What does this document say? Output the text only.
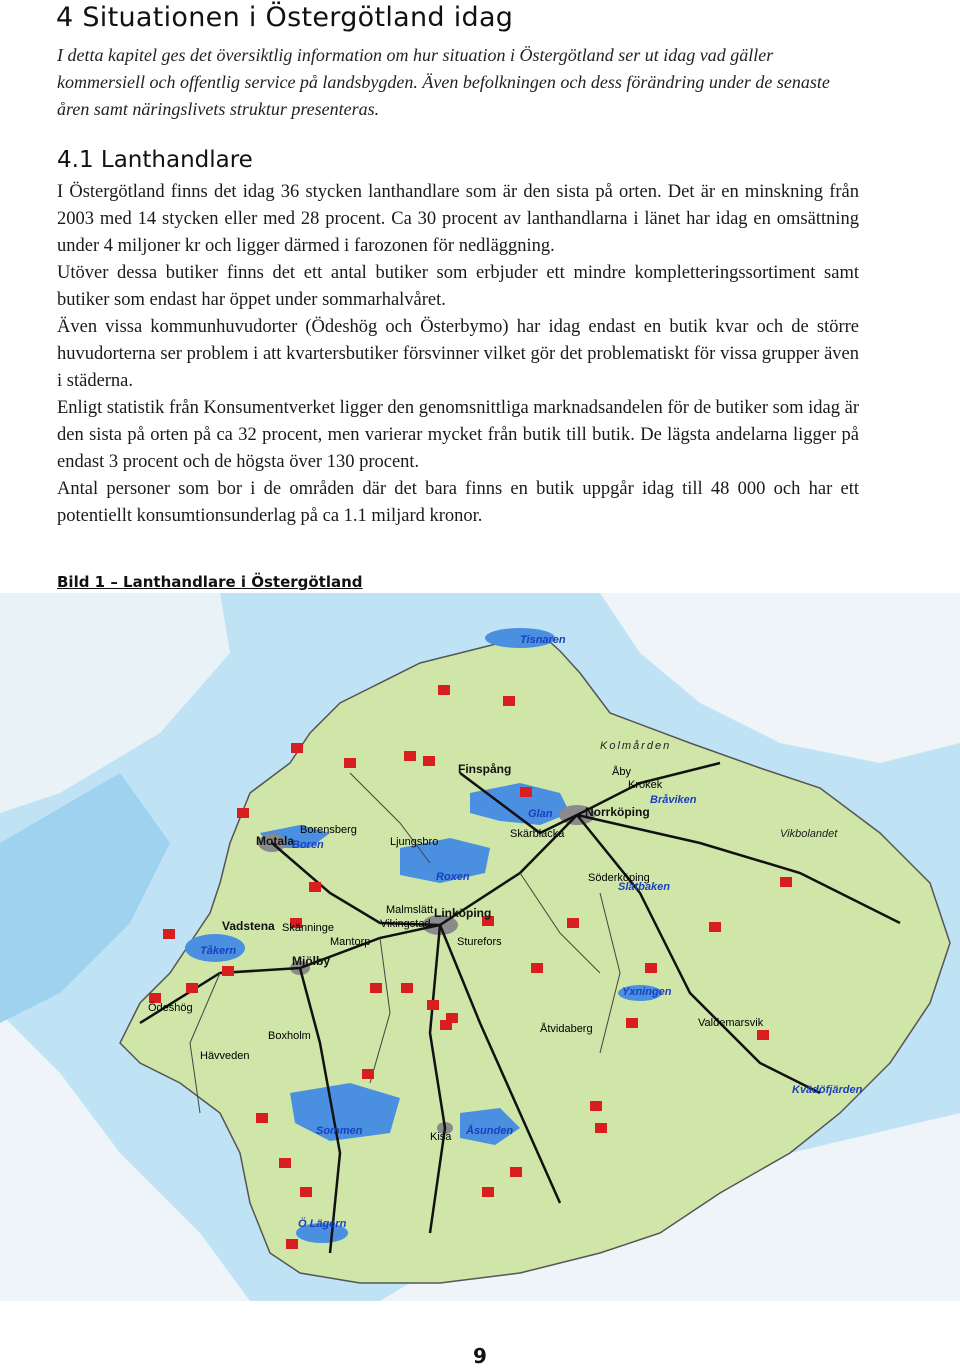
4 Situationen i Östergötland idag

I detta kapitel ges det översiktlig information om hur situation i Östergötland ser ut idag vad gäller kommersiell och offentlig service på landsbygden. Även befolkningen och dess förändring under de senaste åren samt näringslivets struktur presenteras.

4.1 Lanthandlare

I Östergötland finns det idag 36 stycken lanthandlare som är den sista på orten. Det är en minskning från 2003 med 14 stycken eller med 28 procent. Ca 30 procent av lanthandlarna i länet har idag en omsättning under 4 miljoner kr och ligger därmed i farozonen för nedläggning.

Utöver dessa butiker finns det ett antal butiker som erbjuder ett mindre kompletteringssortiment samt butiker som endast har öppet under sommarhalvåret.

Även vissa kommunhuvudorter (Ödeshög och Österbymo) har idag endast en butik kvar och de större huvudorterna ser problem i att kvartersbutiker försvinner vilket gör det problematiskt för vissa grupper även i städerna.

Enligt statistik från Konsumentverket ligger den genomsnittliga marknadsandelen för de butiker som idag är den sista på orten på ca 32 procent, men varierar mycket från butik till butik. De lägsta andelarna ligger på endast 3 procent och de högsta över 130 procent.

Antal personer som bor i de områden där det bara finns en butik uppgår idag till 48 000 och har ett potentiellt konsumtionsunderlag på ca 1.1 miljard kronor.

Bild 1 – Lanthandlare i Östergötland

Motala
Vadstena Skänninge
Mjölby
Ödeshög
Boxholm
Linköping
Norrköping
Finspång
Söderköping
Åtvidaberg	Valdemarsvik
Kisa
Borensberg
Ljungsbro
Mantorp	Sturefors
Skärblacka
Krokek
Åby
Vikingstad
Malmslätt
Hävveden
Tisnaren
Glan
Roxen
Boren
Tåkern
Sommen	Åsunden
Bråviken
Slätbaken
Yxningen
Kvädöfjärden
Ö Lägern
Kolmården
Vikbolandet

9
